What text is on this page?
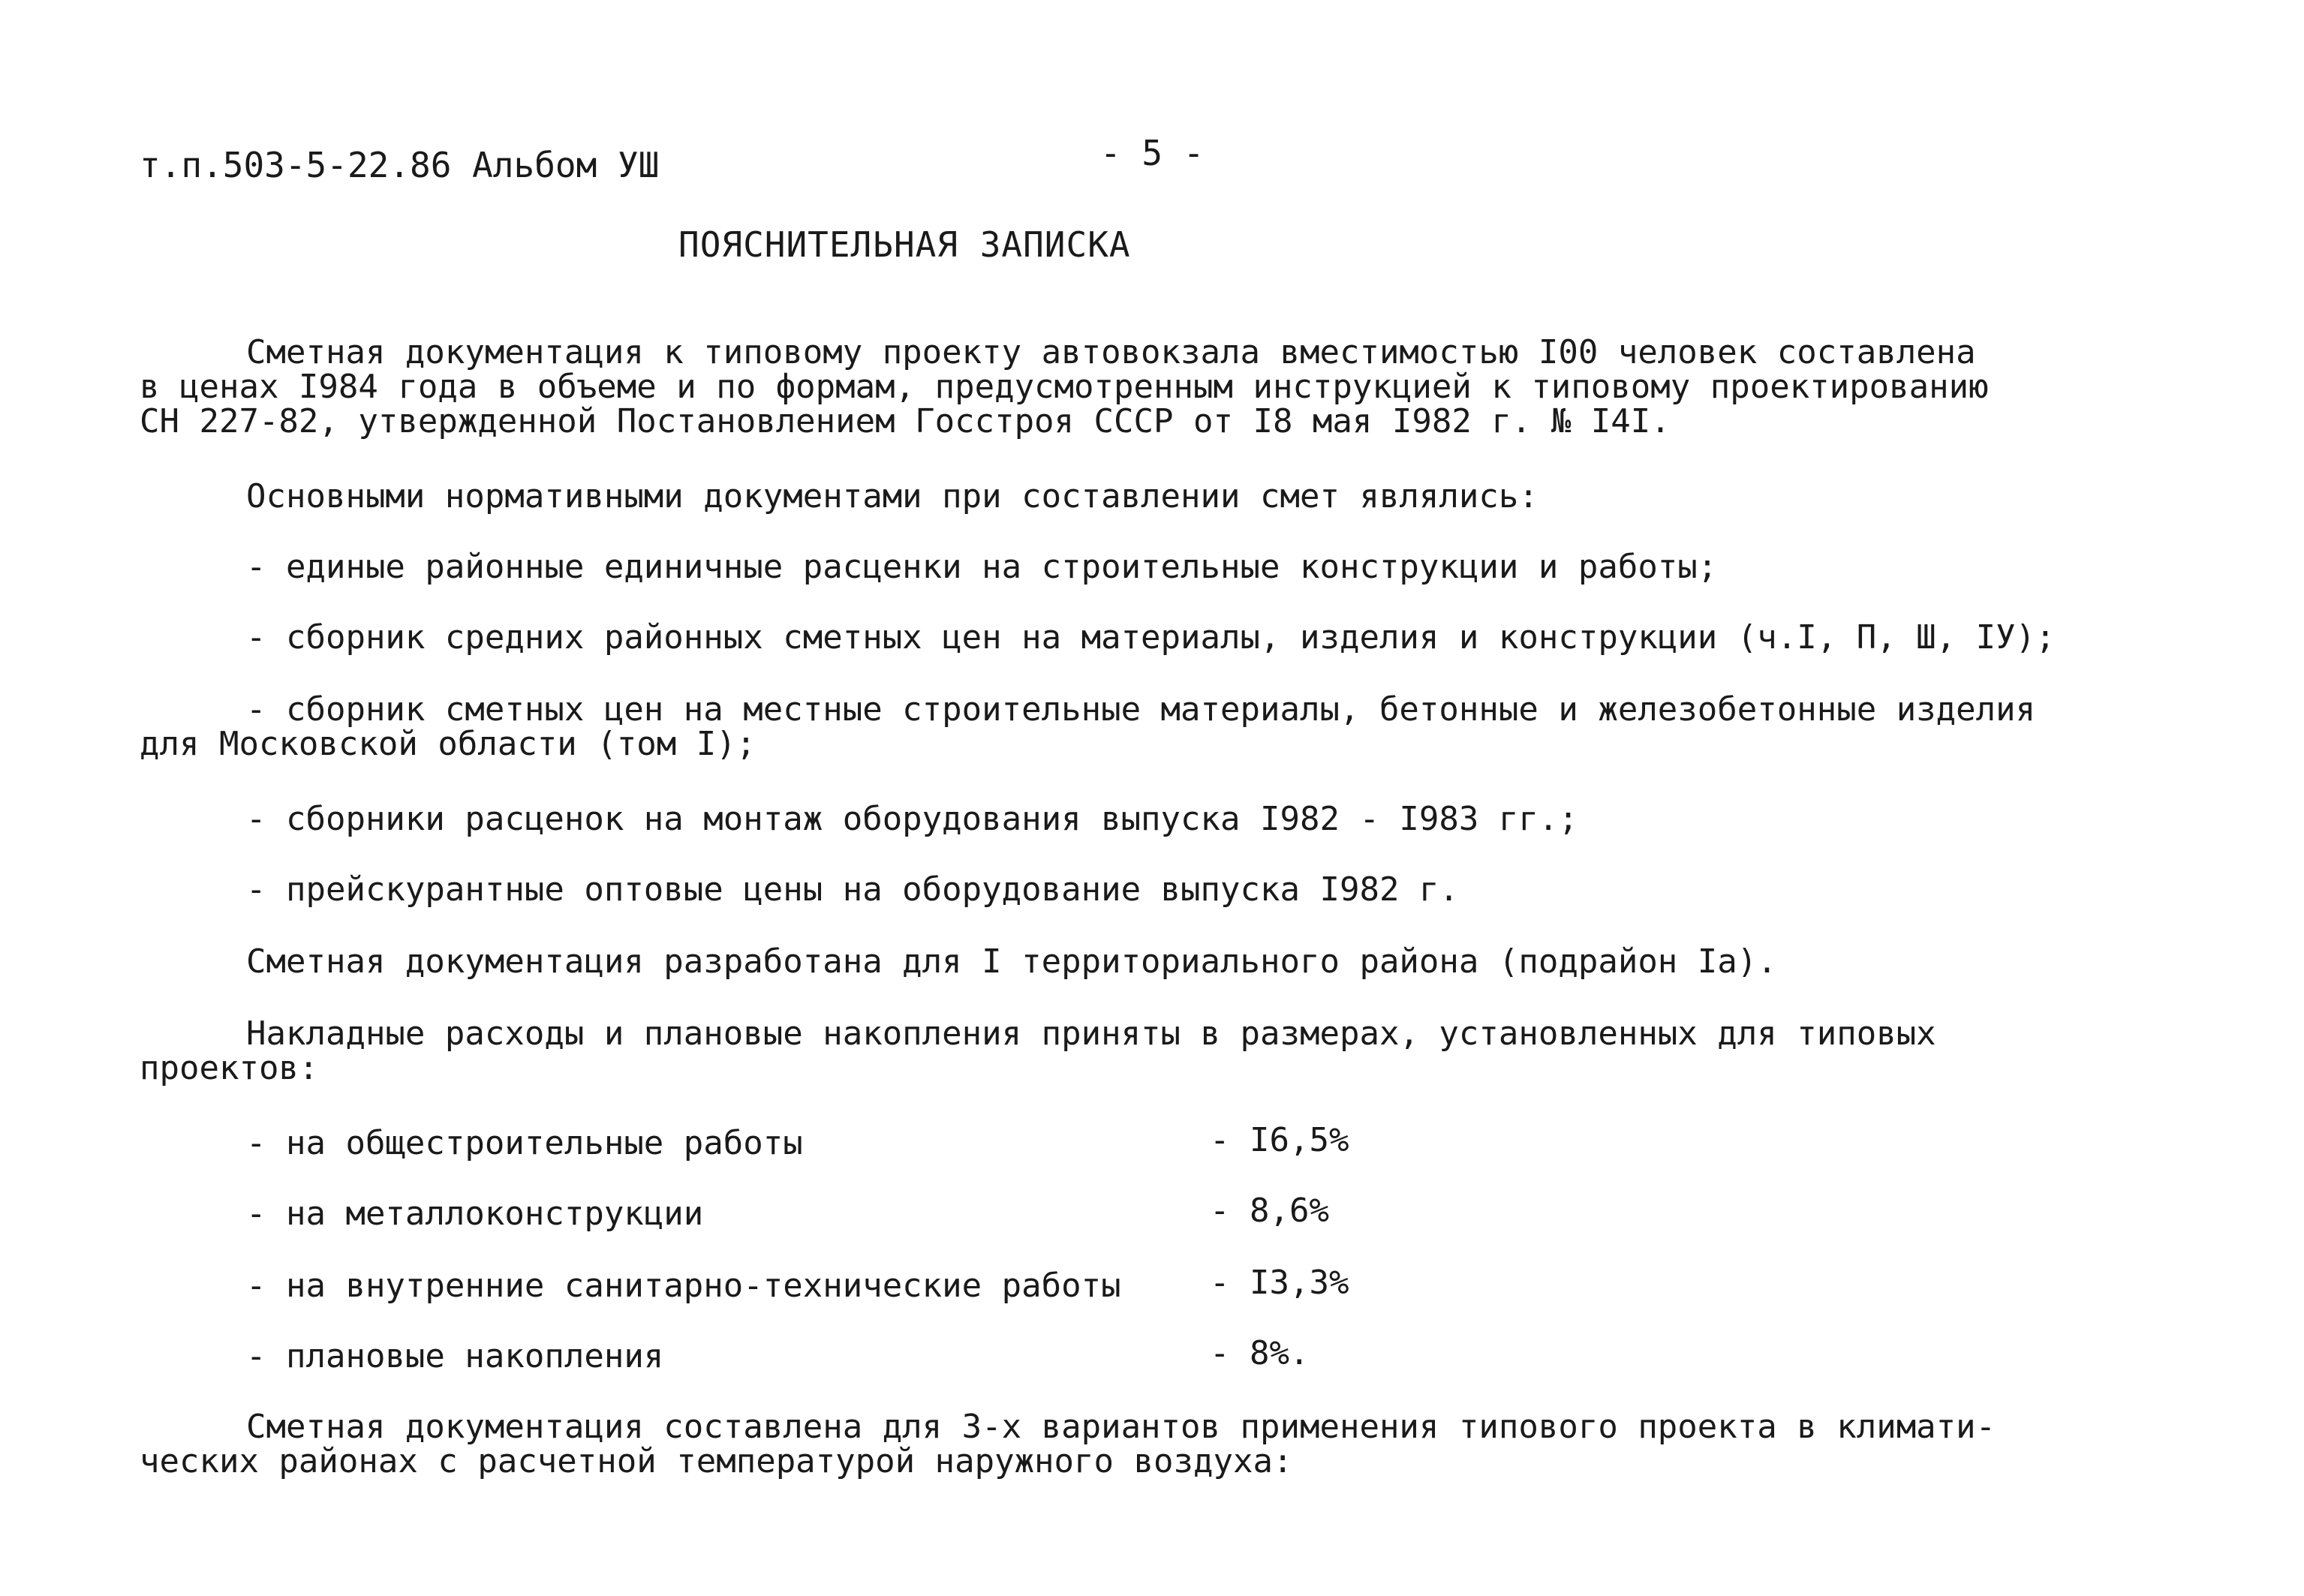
т.п.503-5-22.86 Альбом УШ	- 5 -
ПОЯСНИТЕЛЬНАЯ ЗАПИСКА
Сметная документация к типовому проекту автовокзала вместимостью I00 человек составлена
в ценах I984 года в объеме и по формам, предусмотренным инструкцией к типовому проектированию
СН 227-82, утвержденной Постановлением Госстроя СССР от I8 мая I982 г. № I4I.
Основными нормативными документами при составлении смет являлись:
- единые районные единичные расценки на строительные конструкции и работы;
- сборник средних районных сметных цен на материалы, изделия и конструкции (ч.I, П, Ш, IУ);
- сборник сметных цен на местные строительные материалы, бетонные и железобетонные изделия
для Московской области (том I);
- сборники расценок на монтаж оборудования выпуска I982 - I983 гг.;
- прейскурантные оптовые цены на оборудование выпуска I982 г.
Сметная документация разработана для I территориального района (подрайон Iа).
Накладные расходы и плановые накопления приняты в размерах, установленных для типовых
проектов:
- на общестроительные работы	- I6,5%
- на металлоконструкции	- 8,6%
- на внутренние санитарно-технические работы	- I3,3%
- плановые накопления	- 8%.
Сметная документация составлена для 3-х вариантов применения типового проекта в климати-
ческих районах с расчетной температурой наружного воздуха:
